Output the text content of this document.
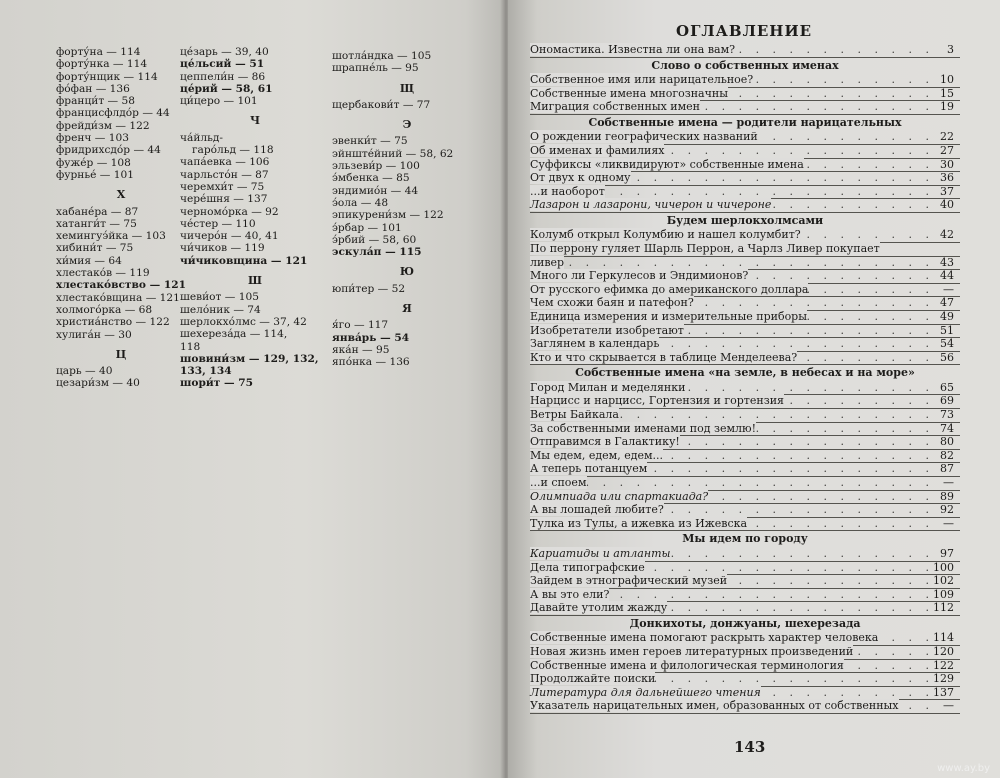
форту́на — 114
форту́нка — 114
форту́нщик — 114
фо́фан — 136
франци́т — 58
францисфлдо́р — 44
фрейди́зм — 122
френч — 103
фридрихсдо́р — 44
фуже́р — 108
фурнье́ — 101
Х
хабане́ра — 87
хатанги́т — 75
хемингуэ́йка — 103
хибини́т — 75
хи́мия — 64
хлестако́в — 119
хлестако́вство — 121
хлестако́вщина — 121
холмого́рка — 68
христиа́нство — 122
хулига́н — 30
Ц
царь — 40
цезари́зм — 40
це́зарь — 39, 40
це́льсий — 51
цеппели́н — 86
це́рий — 58, 61
ци́церо — 101
Ч
ча́йльд-
гаро́льд — 118
чапа́евка — 106
чарльсто́н — 87
черемхи́т — 75
чере́шня — 137
черномо́рка — 92
че́стер — 110
чичеро́н — 40, 41
чи́чиков — 119
чи́чиковщина — 121
Ш
шеви́от — 105
шело́ник — 74
шерлокхо́лмс — 37, 42
шехереза́да — 114,
118
шовини́зм — 129, 132,
133, 134
шори́т — 75
шотла́ндка — 105
шрапне́ль — 95
Щ
щербакови́т — 77
Э
эвенки́т — 75
эйнште́йний — 58, 62
эльзеви́р — 100
э́мбенка — 85
эндимио́н — 44
э́ола — 48
эпикурени́зм — 122
э́рбар — 101
э́рбий — 58, 60
эскула́п — 115
Ю
юпи́тер — 52
Я
я́го — 117
янва́рь — 54
яка́н — 95
япо́нка — 136
ОГЛАВЛЕНИЕ
143
www.ay.by
. . .
Ономастика. Известна ли она вам?	3
Слово о собственных именах
. . .
Собственное имя или нарицательное?	10
. . .
Собственные имена многозначны	15
. . .
Миграция собственных имен	19
Собственные имена — родители нарицательных
. . .
О рождении географических названий	22
. . .
Об именах и фамилиях	27
. . .
Суффиксы «ликвидируют» собственные имена	30
. . .
От двух к одному	36
. . .
...и наоборот	37
. . .
Лазарон и лазарони, чичерон и чичероне	40
Будем шерлокхолмсами
. . .
Колумб открыл Колумбию и нашел колумбит?	42
По перрону гуляет Шарль Перрон, а Чарлз Ливер покупает
. . .
ливер	43
. . .
Много ли Геркулесов и Эндимионов?	44
. . .
От русского ефимка до американского доллара	—
. . .
Чем схожи баян и патефон?	47
. . .
Единица измерения и измерительные приборы	49
. . .
Изобретатели изобретают	51
. . .
Заглянем в календарь	54
. . .
Кто и что скрывается в таблице Менделеева?	56
Собственные имена «на земле, в небесах и на море»
. . .
Город Милан и меделянки	65
. . .
Нарцисс и нарцисс, Гортензия и гортензия	69
. . .
Ветры Байкала	73
. . .
За собственными именами под землю!	74
. . .
Отправимся в Галактику!	80
. . .
Мы едем, едем, едем...	82
. . .
А теперь потанцуем	87
. . .
...и споем	—
. . .
Олимпиада или спартакиада?	89
. . .
А вы лошадей любите?	92
. . .
Тулка из Тулы, а ижевка из Ижевска	—
Мы идем по городу
. . .
Кариатиды и атланты	97
. . .
Дела типографские	100
. . .
Зайдем в этнографический музей	102
. . .
А вы это ели?	109
. . .
Давайте утолим жажду	112
Донкихоты, донжуаны, шехерезада
. . .
Собственные имена помогают раскрыть характер человека	114
. . .
Новая жизнь имен героев литературных произведений	120
. . .
Собственные имена и филологическая терминология	122
. . .
Продолжайте поиски	129
. . .
Литература для дальнейшего чтения	137
. . .
Указатель нарицательных имен, образованных от собственных	—
